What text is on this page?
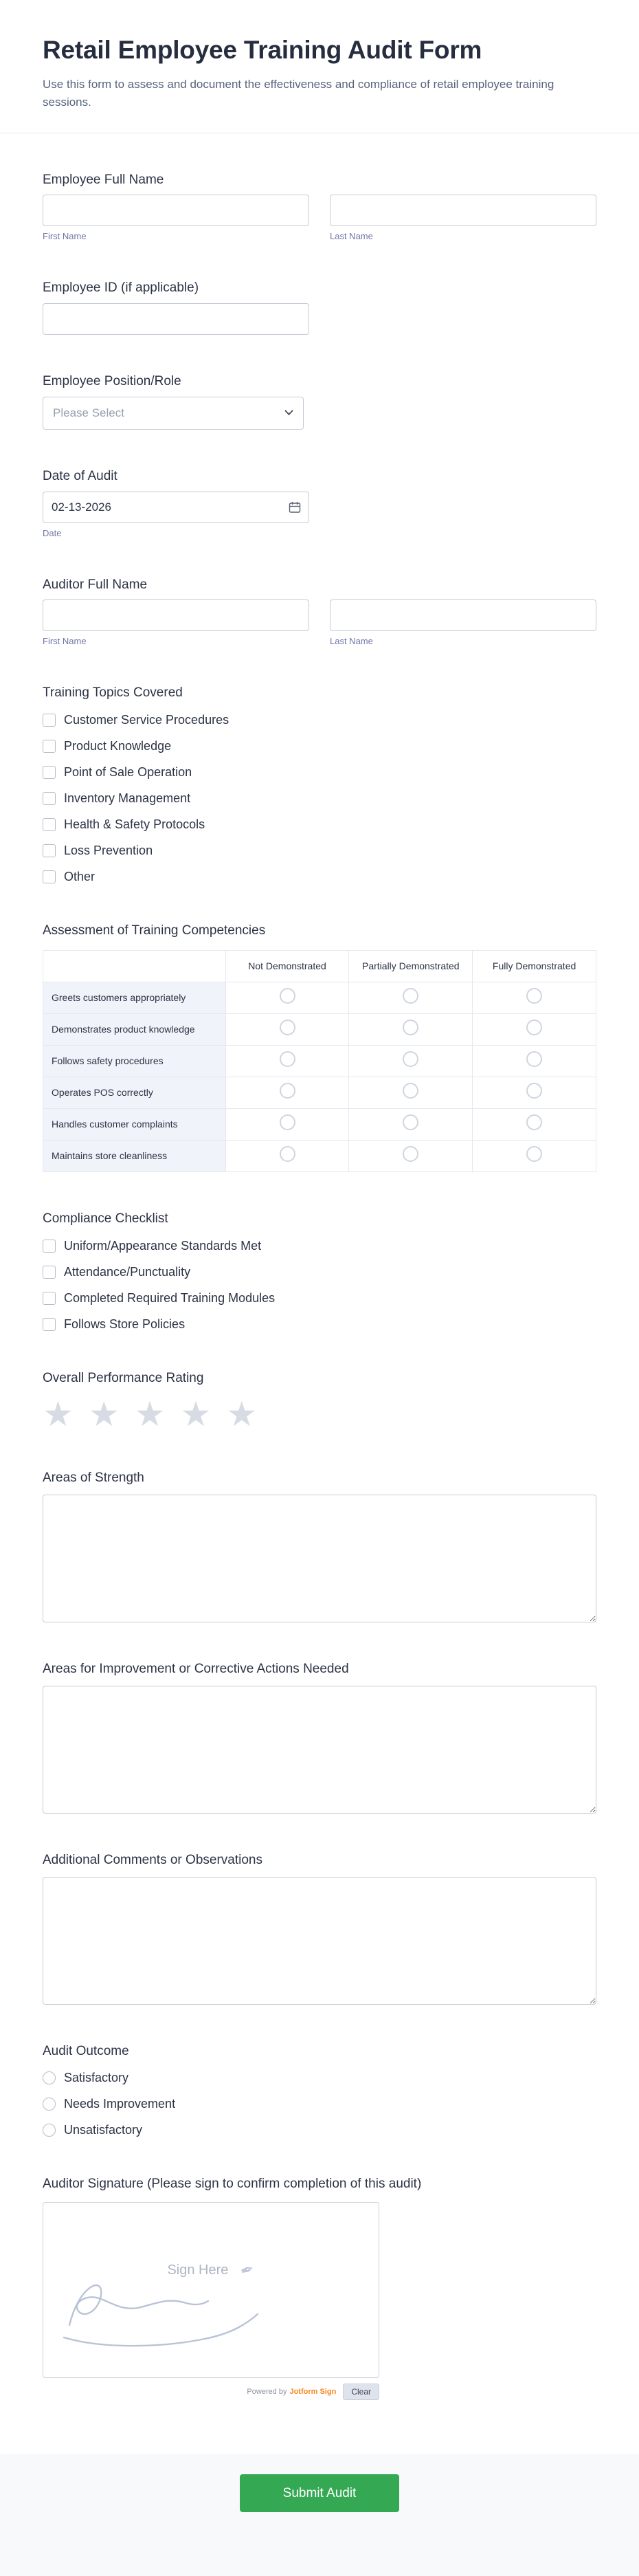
Retail Employee Training Audit Form
Use this form to assess and document the effectiveness and compliance of retail employee training sessions.
Employee Full Name
First Name	Last Name
Employee ID (if applicable)
Employee Position/Role
Please Select
Date of Audit
02-13-2026
Date
Auditor Full Name
First Name	Last Name
Training Topics Covered
Customer Service Procedures
Product Knowledge
Point of Sale Operation
Inventory Management
Health & Safety Protocols
Loss Prevention
Other
Assessment of Training Competencies
	Not Demonstrated	Partially Demonstrated	Fully Demonstrated
Greets customers appropriately			
Demonstrates product knowledge			
Follows safety procedures			
Operates POS correctly			
Handles customer complaints			
Maintains store cleanliness			
Compliance Checklist
Uniform/Appearance Standards Met
Attendance/Punctuality
Completed Required Training Modules
Follows Store Policies
Overall Performance Rating
★ ★ ★ ★ ★
Areas of Strength
Areas for Improvement or Corrective Actions Needed
Additional Comments or Observations
Audit Outcome
Satisfactory
Needs Improvement
Unsatisfactory
Auditor Signature (Please sign to confirm completion of this audit)
Sign Here ✒
Powered by Jotform Sign	Clear
Submit Audit
